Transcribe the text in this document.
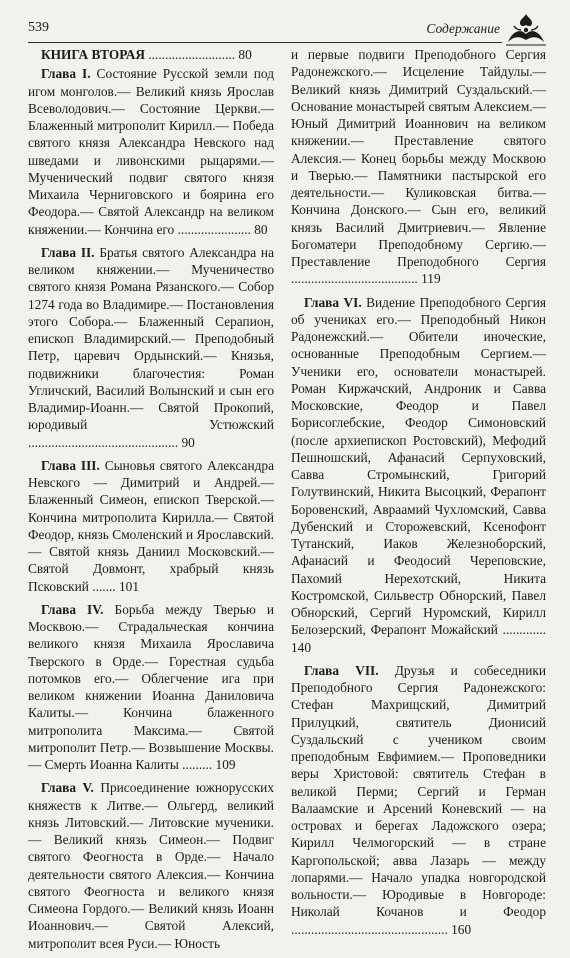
539	Содержание

КНИГА ВТОРАЯ .......................... 80

Глава I. Состояние Русской земли под игом монголов.— Великий князь Ярослав Всеволодович.— Состояние Церкви.— Блаженный митрополит Кирилл.— Победа святого князя Александра Невского над шведами и ливонскими рыцарями.— Мученический подвиг святого князя Михаила Черниговского и боярина его Феодора.— Святой Александр на великом княжении.— Кончина его ...................... 80

Глава II. Братья святого Александра на великом княжении.— Мученичество святого князя Романа Рязанского.— Собор 1274 года во Владимире.— Постановления этого Собора.— Блаженный Серапион, епископ Владимирский.— Преподобный Петр, царевич Ордынский.— Князья, подвижники благочестия: Роман Угличский, Василий Волынский и сын его Владимир-Иоанн.— Святой Прокопий, юродивый Устюжский ............................................. 90

Глава III. Сыновья святого Александра Невского — Димитрий и Андрей.— Блаженный Симеон, епископ Тверской.— Кончина митрополита Кирилла.— Святой Феодор, князь Смоленский и Ярославский.— Святой князь Даниил Московский.— Святой Довмонт, храбрый князь Псковский ....... 101

Глава IV. Борьба между Тверью и Москвою.— Страдальческая кончина великого князя Михаила Ярославича Тверского в Орде.— Горестная судьба потомков его.— Облегчение ига при великом княжении Иоанна Даниловича Калиты.— Кончина блаженного митрополита Максима.— Святой митрополит Петр.— Возвышение Москвы.— Смерть Иоанна Калиты ......... 109

Глава V. Присоединение южнорусских княжеств к Литве.— Ольгерд, великий князь Литовский.— Литовские мученики.— Великий князь Симеон.— Подвиг святого Феогноста в Орде.— Начало деятельности святого Алексия.— Кончина святого Феогноста и великого князя Симеона Гордого.— Великий князь Иоанн Иоаннович.— Святой Алексий, митрополит всея Руси.— Юность

и первые подвиги Преподобного Сергия Радонежского.— Исцеление Тайдулы.— Великий князь Димитрий Суздальский.— Основание монастырей святым Алексием.— Юный Димитрий Иоаннович на великом княжении.— Преставление святого Алексия.— Конец борьбы между Москвою и Тверью.— Памятники пастырской его деятельности.— Куликовская битва.— Кончина Донского.— Сын его, великий князь Василий Дмитриевич.— Явление Богоматери Преподобному Сергию.— Преставление Преподобного Сергия ...................................... 119

Глава VI. Видение Преподобного Сергия об учениках его.— Преподобный Никон Радонежский.— Обители иноческие, основанные Преподобным Сергием.— Ученики его, основатели монастырей. Роман Киржачский, Андроник и Савва Московские, Феодор и Павел Борисоглебские, Феодор Симоновский (после архиепископ Ростовский), Мефодий Пешношский, Афанасий Серпуховский, Савва Стромынский, Григорий Голутвинский, Никита Высоцкий, Ферапонт Боровенский, Авраамий Чухломский, Савва Дубенский и Сторожевский, Ксенофонт Тутанский, Иаков Железноборский, Афанасий и Феодосий Череповские, Пахомий Нерехотский, Никита Костромской, Сильвестр Обнорский, Павел Обнорский, Сергий Нуромский, Кирилл Белозерский, Ферапонт Можайский ............. 140

Глава VII. Друзья и собеседники Преподобного Сергия Радонежского: Стефан Махрищский, Димитрий Прилуцкий, святитель Дионисий Суздальский с учеником своим преподобным Евфимием.— Проповедники веры Христовой: святитель Стефан в великой Перми; Сергий и Герман Валаамские и Арсений Коневский — на островах и берегах Ладожского озера; Кирилл Челмогорский — в стране Каргопольской; авва Лазарь — между лопарями.— Начало упадка новгородской вольности.— Юродивые в Новгороде: Николай Кочанов и Феодор ............................................... 160
